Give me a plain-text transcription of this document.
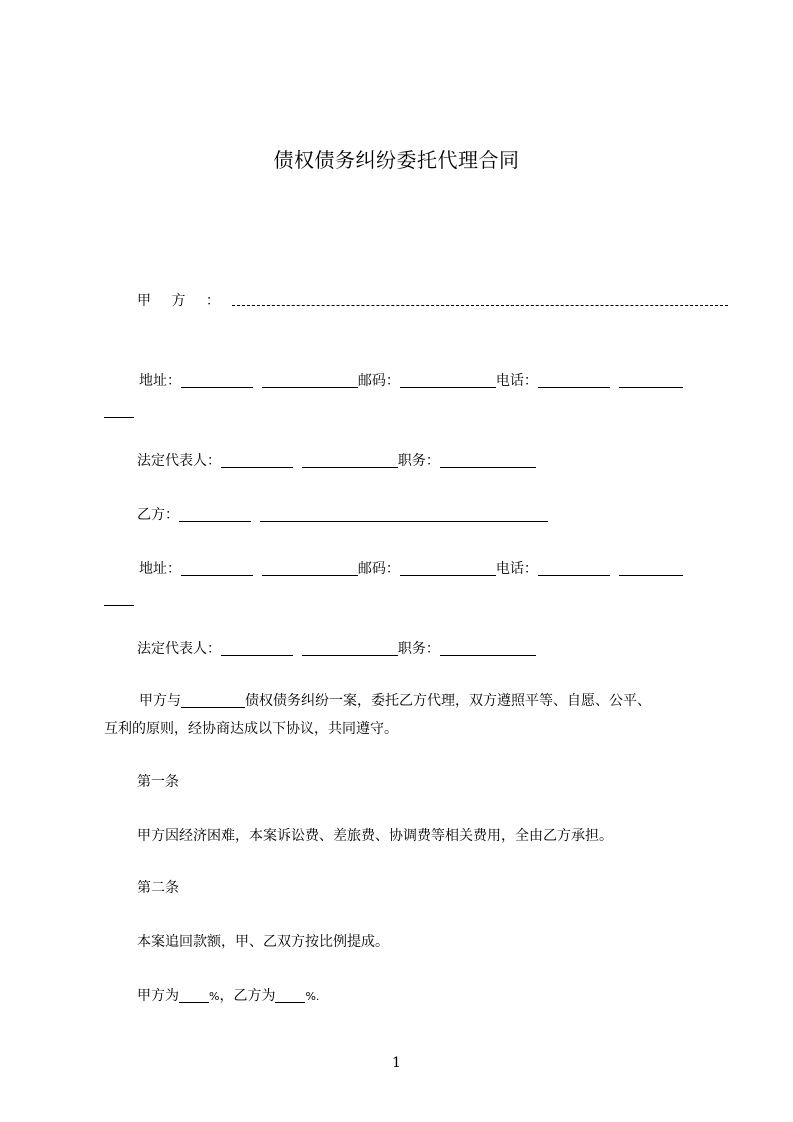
债权债务纠纷委托代理合同
甲 方 ：
地址：	邮码：	电话：
法定代表人：	职务：
乙方：
地址：	邮码：	电话：
法定代表人：	职务：
甲方与	债权债务纠纷一案，委托乙方代理，双方遵照平等、自愿、公平、
互利的原则，经协商达成以下协议，共同遵守。
第一条
甲方因经济困难，本案诉讼费、差旅费、协调费等相关费用，全由乙方承担。
第二条
本案追回款额，甲、乙双方按比例提成。
甲方为	%，乙方为	%.
1
